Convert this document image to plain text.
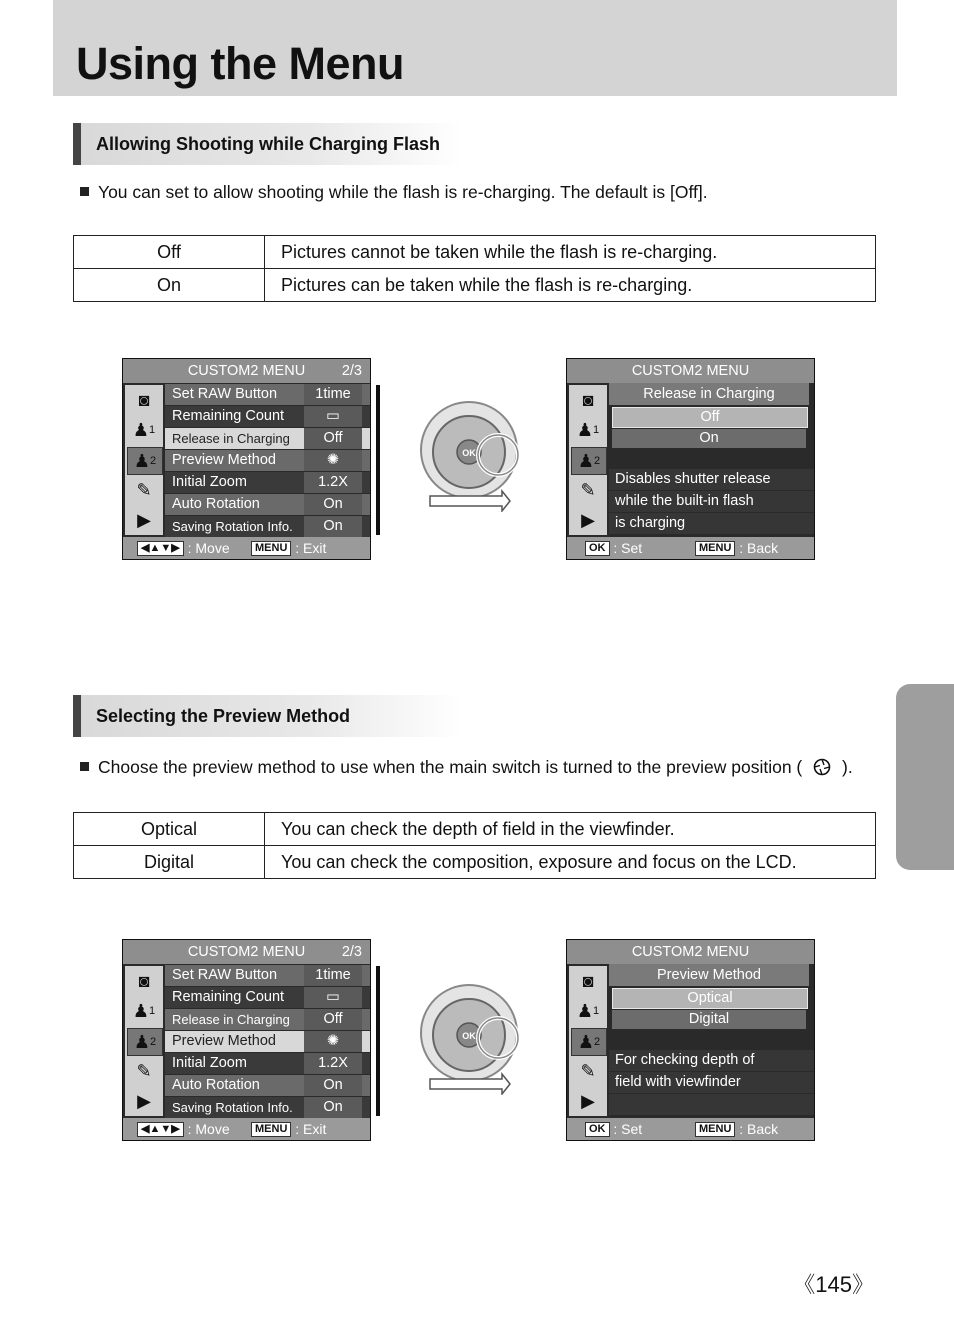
Using the Menu
Allowing Shooting while Charging Flash
You can set to allow shooting while the flash is re-charging. The default is [Off].
Off	Pictures cannot be taken while the flash is re-charging.
On	Pictures can be taken while the flash is re-charging.
Selecting the Preview Method
Choose the preview method to use when the main switch is turned to the preview position ( ).
Optical	You can check the depth of field in the viewfinder.
Digital	You can check the composition, exposure and focus on the LCD.
CUSTOM2 MENU	2/3
◙
♟ 1
♟ 2
✎
▶
Set RAW Button	1time
Remaining Count	▭
Release in Charging	Off
Preview Method	✺
Initial Zoom	1.2X
Auto Rotation	On
Saving Rotation Info.	On
◀▲▼▶ : Move	MENU : Exit
OK
CUSTOM2 MENU
◙
♟ 1
♟ 2
✎
▶
Release in Charging
Off
On
Disables shutter release
while the built-in flash
is charging
OK : Set	MENU : Back
CUSTOM2 MENU	2/3
◙
♟ 1
♟ 2
✎
▶
Set RAW Button	1time
Remaining Count	▭
Release in Charging	Off
Preview Method	✺
Initial Zoom	1.2X
Auto Rotation	On
Saving Rotation Info.	On
◀▲▼▶ : Move	MENU : Exit
OK
CUSTOM2 MENU
◙
♟ 1
♟ 2
✎
▶
Preview Method
Optical
Digital
For checking depth of
field with viewfinder
OK : Set	MENU : Back
《145》
